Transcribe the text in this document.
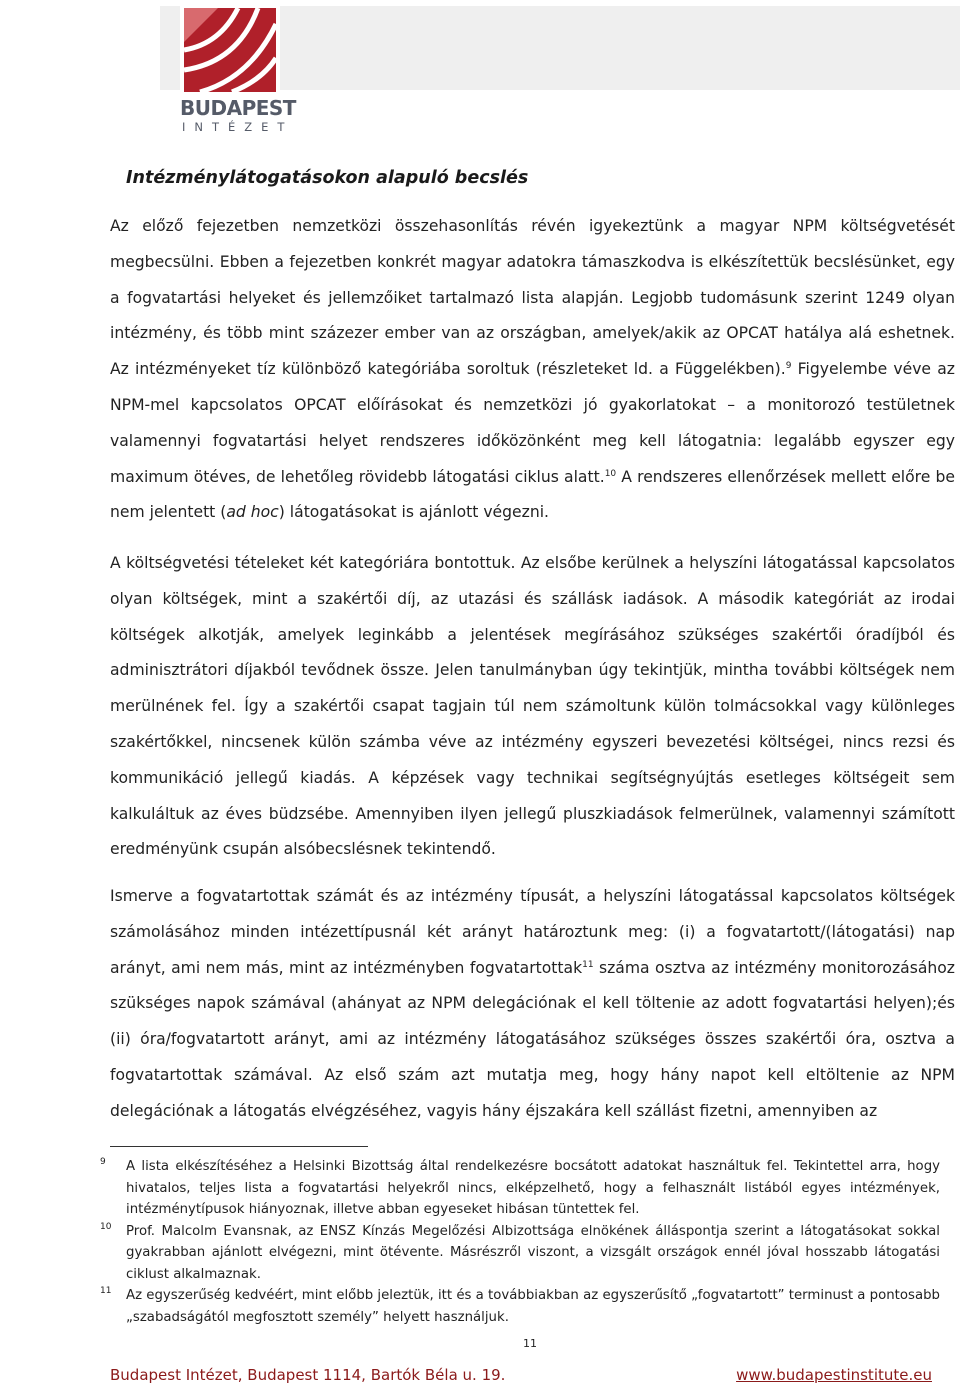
BUDAPEST
INTÉZET
Intézménylátogatásokon alapuló becslés

Az előző fejezetben nemzetközi összehasonlítás révén igyekeztünk a magyar NPM költségvetését megbecsülni. Ebben a fejezetben konkrét magyar adatokra támaszkodva is elkészítettük becslésünket, egy a fogvatartási helyeket és jellemzőiket tartalmazó lista alapján. Legjobb tudomásunk szerint 1249 olyan intézmény, és több mint százezer ember van az országban, amelyek/akik az OPCAT hatálya alá eshetnek. Az intézményeket tíz különböző kategóriába soroltuk (részleteket ld. a Függelékben).$^9$ Figyelembe véve az NPM-mel kapcsolatos OPCAT előírásokat és nemzetközi jó gyakorlatokat – a monitorozó testületnek valamennyi fogvatartási helyet rendszeres időközönként meg kell látogatnia: legalább egyszer egy maximum ötéves, de lehetőleg rövidebb látogatási ciklus alatt.$^{10}$ A rendszeres ellenőrzések mellett előre be nem jelentett (ad hoc) látogatásokat is ajánlott végezni.

A költségvetési tételeket két kategóriára bontottuk. Az elsőbe kerülnek a helyszíni látogatással kapcsolatos olyan költségek, mint a szakértői díj, az utazási és szállásk iadások. A második kategóriát az irodai költségek alkotják, amelyek leginkább a jelentések megírásához szükséges szakértői óradíjból és adminisztrátori díjakból tevődnek össze. Jelen tanulmányban úgy tekintjük, mintha további költségek nem merülnének fel. Így a szakértői csapat tagjain túl nem számoltunk külön tolmácsokkal vagy különleges szakértőkkel, nincsenek külön számba véve az intézmény egyszeri bevezetési költségei, nincs rezsi és kommunikáció jellegű kiadás. A képzések vagy technikai segítségnyújtás esetleges költségeit sem kalkuláltuk az éves büdzsébe. Amennyiben ilyen jellegű pluszkiadások felmerülnek, valamennyi számított eredményünk csupán alsóbecslésnek tekintendő.

Ismerve a fogvatartottak számát és az intézmény típusát, a helyszíni látogatással kapcsolatos költségek számolásához minden intézettípusnál két arányt határoztunk meg: (i) a fogvatartott/(látogatási) nap arányt, ami nem más, mint az intézményben fogvatartottak$^{11}$ száma osztva az intézmény monitorozásához szükséges napok számával (ahányat az NPM delegációnak el kell töltenie az adott fogvatartási helyen);és (ii) óra/fogvatartott arányt, ami az intézmény látogatásához szükséges összes szakértői óra, osztva a fogvatartottak számával. Az első szám azt mutatja meg, hogy hány napot kell eltöltenie az NPM delegációnak a látogatás elvégzéséhez, vagyis hány éjszakára kell szállást fizetni, amennyiben az

9 A lista elkészítéséhez a Helsinki Bizottság által rendelkezésre bocsátott adatokat használtuk fel. Tekintettel arra, hogy hivatalos, teljes lista a fogvatartási helyekről nincs, elképzelhető, hogy a felhasznált listából egyes intézmények, intézménytípusok hiányoznak, illetve abban egyeseket hibásan tüntettek fel.
10 Prof. Malcolm Evansnak, az ENSZ Kínzás Megelőzési Albizottsága elnökének álláspontja szerint a látogatásokat sokkal gyakrabban ajánlott elvégezni, mint ötévente. Másrészről viszont, a vizsgált országok ennél jóval hosszabb látogatási ciklust alkalmaznak.
11 Az egyszerűség kedvéért, mint előbb jeleztük, itt és a továbbiakban az egyszerűsítő „fogvatartott” terminust a pontosabb „szabadságától megfosztott személy” helyett használjuk.
11
Budapest Intézet, Budapest 1114, Bartók Béla u. 19.	www.budapestinstitute.eu
